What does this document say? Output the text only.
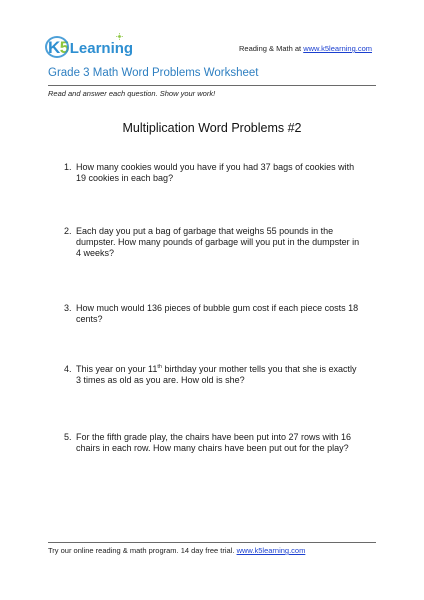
K5 Learning	Reading & Math at www.k5learning.com
Grade 3 Math Word Problems Worksheet
Read and answer each question. Show your work!
Multiplication Word Problems #2
1. How many cookies would you have if you had 37 bags of cookies with
19 cookies in each bag?
2. Each day you put a bag of garbage that weighs 55 pounds in the
dumpster. How many pounds of garbage will you put in the dumpster in
4 weeks?
3. How much would 136 pieces of bubble gum cost if each piece costs 18
cents?
4. This year on your 11th birthday your mother tells you that she is exactly
3 times as old as you are. How old is she?
5. For the fifth grade play, the chairs have been put into 27 rows with 16
chairs in each row. How many chairs have been put out for the play?
Try our online reading & math program. 14 day free trial. www.k5learning.com
